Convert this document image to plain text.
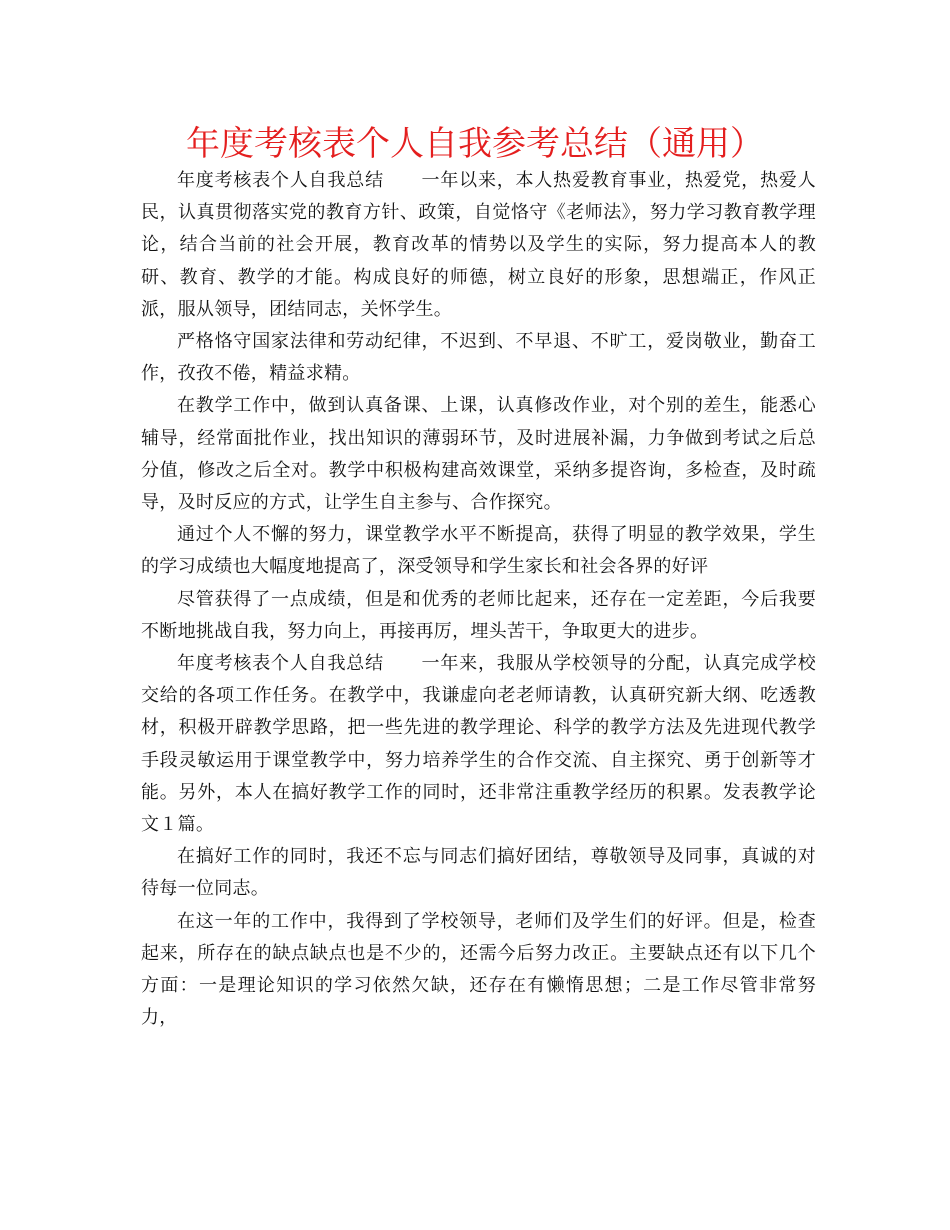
年度考核表个人自我参考总结（通用）

年度考核表个人自我总结　　一年以来，本人热爱教育事业，热爱党，热爱人民，认真贯彻落实党的教育方针、政策，自觉恪守《老师法》，努力学习教育教学理论，结合当前的社会开展，教育改革的情势以及学生的实际，努力提高本人的教研、教育、教学的才能。构成良好的师德，树立良好的形象，思想端正，作风正派，服从领导，团结同志，关怀学生。

严格恪守国家法律和劳动纪律，不迟到、不早退、不旷工，爱岗敬业，勤奋工作，孜孜不倦，精益求精。

在教学工作中，做到认真备课、上课，认真修改作业，对个别的差生，能悉心辅导，经常面批作业，找出知识的薄弱环节，及时进展补漏，力争做到考试之后总分值，修改之后全对。教学中积极构建高效课堂，采纳多提咨询，多检查，及时疏导，及时反应的方式，让学生自主参与、合作探究。

通过个人不懈的努力，课堂教学水平不断提高，获得了明显的教学效果，学生的学习成绩也大幅度地提高了，深受领导和学生家长和社会各界的好评

尽管获得了一点成绩，但是和优秀的老师比起来，还存在一定差距，今后我要不断地挑战自我，努力向上，再接再厉，埋头苦干，争取更大的进步。

年度考核表个人自我总结　　一年来，我服从学校领导的分配，认真完成学校交给的各项工作任务。在教学中，我谦虚向老老师请教，认真研究新大纲、吃透教材，积极开辟教学思路，把一些先进的教学理论、科学的教学方法及先进现代教学手段灵敏运用于课堂教学中，努力培养学生的合作交流、自主探究、勇于创新等才能。另外，本人在搞好教学工作的同时，还非常注重教学经历的积累。发表教学论文１篇。

在搞好工作的同时，我还不忘与同志们搞好团结，尊敬领导及同事，真诚的对待每一位同志。

在这一年的工作中，我得到了学校领导，老师们及学生们的好评。但是，检查起来，所存在的缺点缺点也是不少的，还需今后努力改正。主要缺点还有以下几个方面：一是理论知识的学习依然欠缺，还存在有懒惰思想；二是工作尽管非常努力，
